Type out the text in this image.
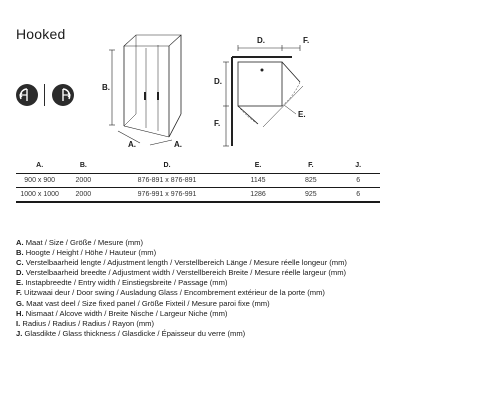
Hooked
B.
A.	A.
D.	F.
D.
F.
E.
A.	B.	D.	E.	F.	J.
900 x 900	2000	876-891 x 876-891	1145	825	6
1000 x 1000	2000	976-991 x 976-991	1286	925	6
A. Maat / Size / Größe / Mesure (mm)
B. Hoogte / Height / Höhe / Hauteur (mm)
C. Verstelbaarheid lengte / Adjustment length / Verstellbereich Länge / Mesure réelle longeur (mm)
D. Verstelbaarheid breedte / Adjustment width / Verstellbereich Breite / Mesure réelle largeur (mm)
E. Instapbreedte / Entry width / Einstiegsbreite / Passage (mm)
F. Uitzwaai deur / Door swing / Ausladung Glass / Encombrement extérieur de la porte (mm)
G. Maat vast deel / Size fixed panel / Größe Fixteil / Mesure paroi fixe (mm)
H. Nismaat / Alcove width / Breite Nische / Largeur Niche (mm)
I. Radius / Radius / Radius / Rayon (mm)
J. Glasdikte / Glass thickness / Glasdicke / Épaisseur du verre (mm)
